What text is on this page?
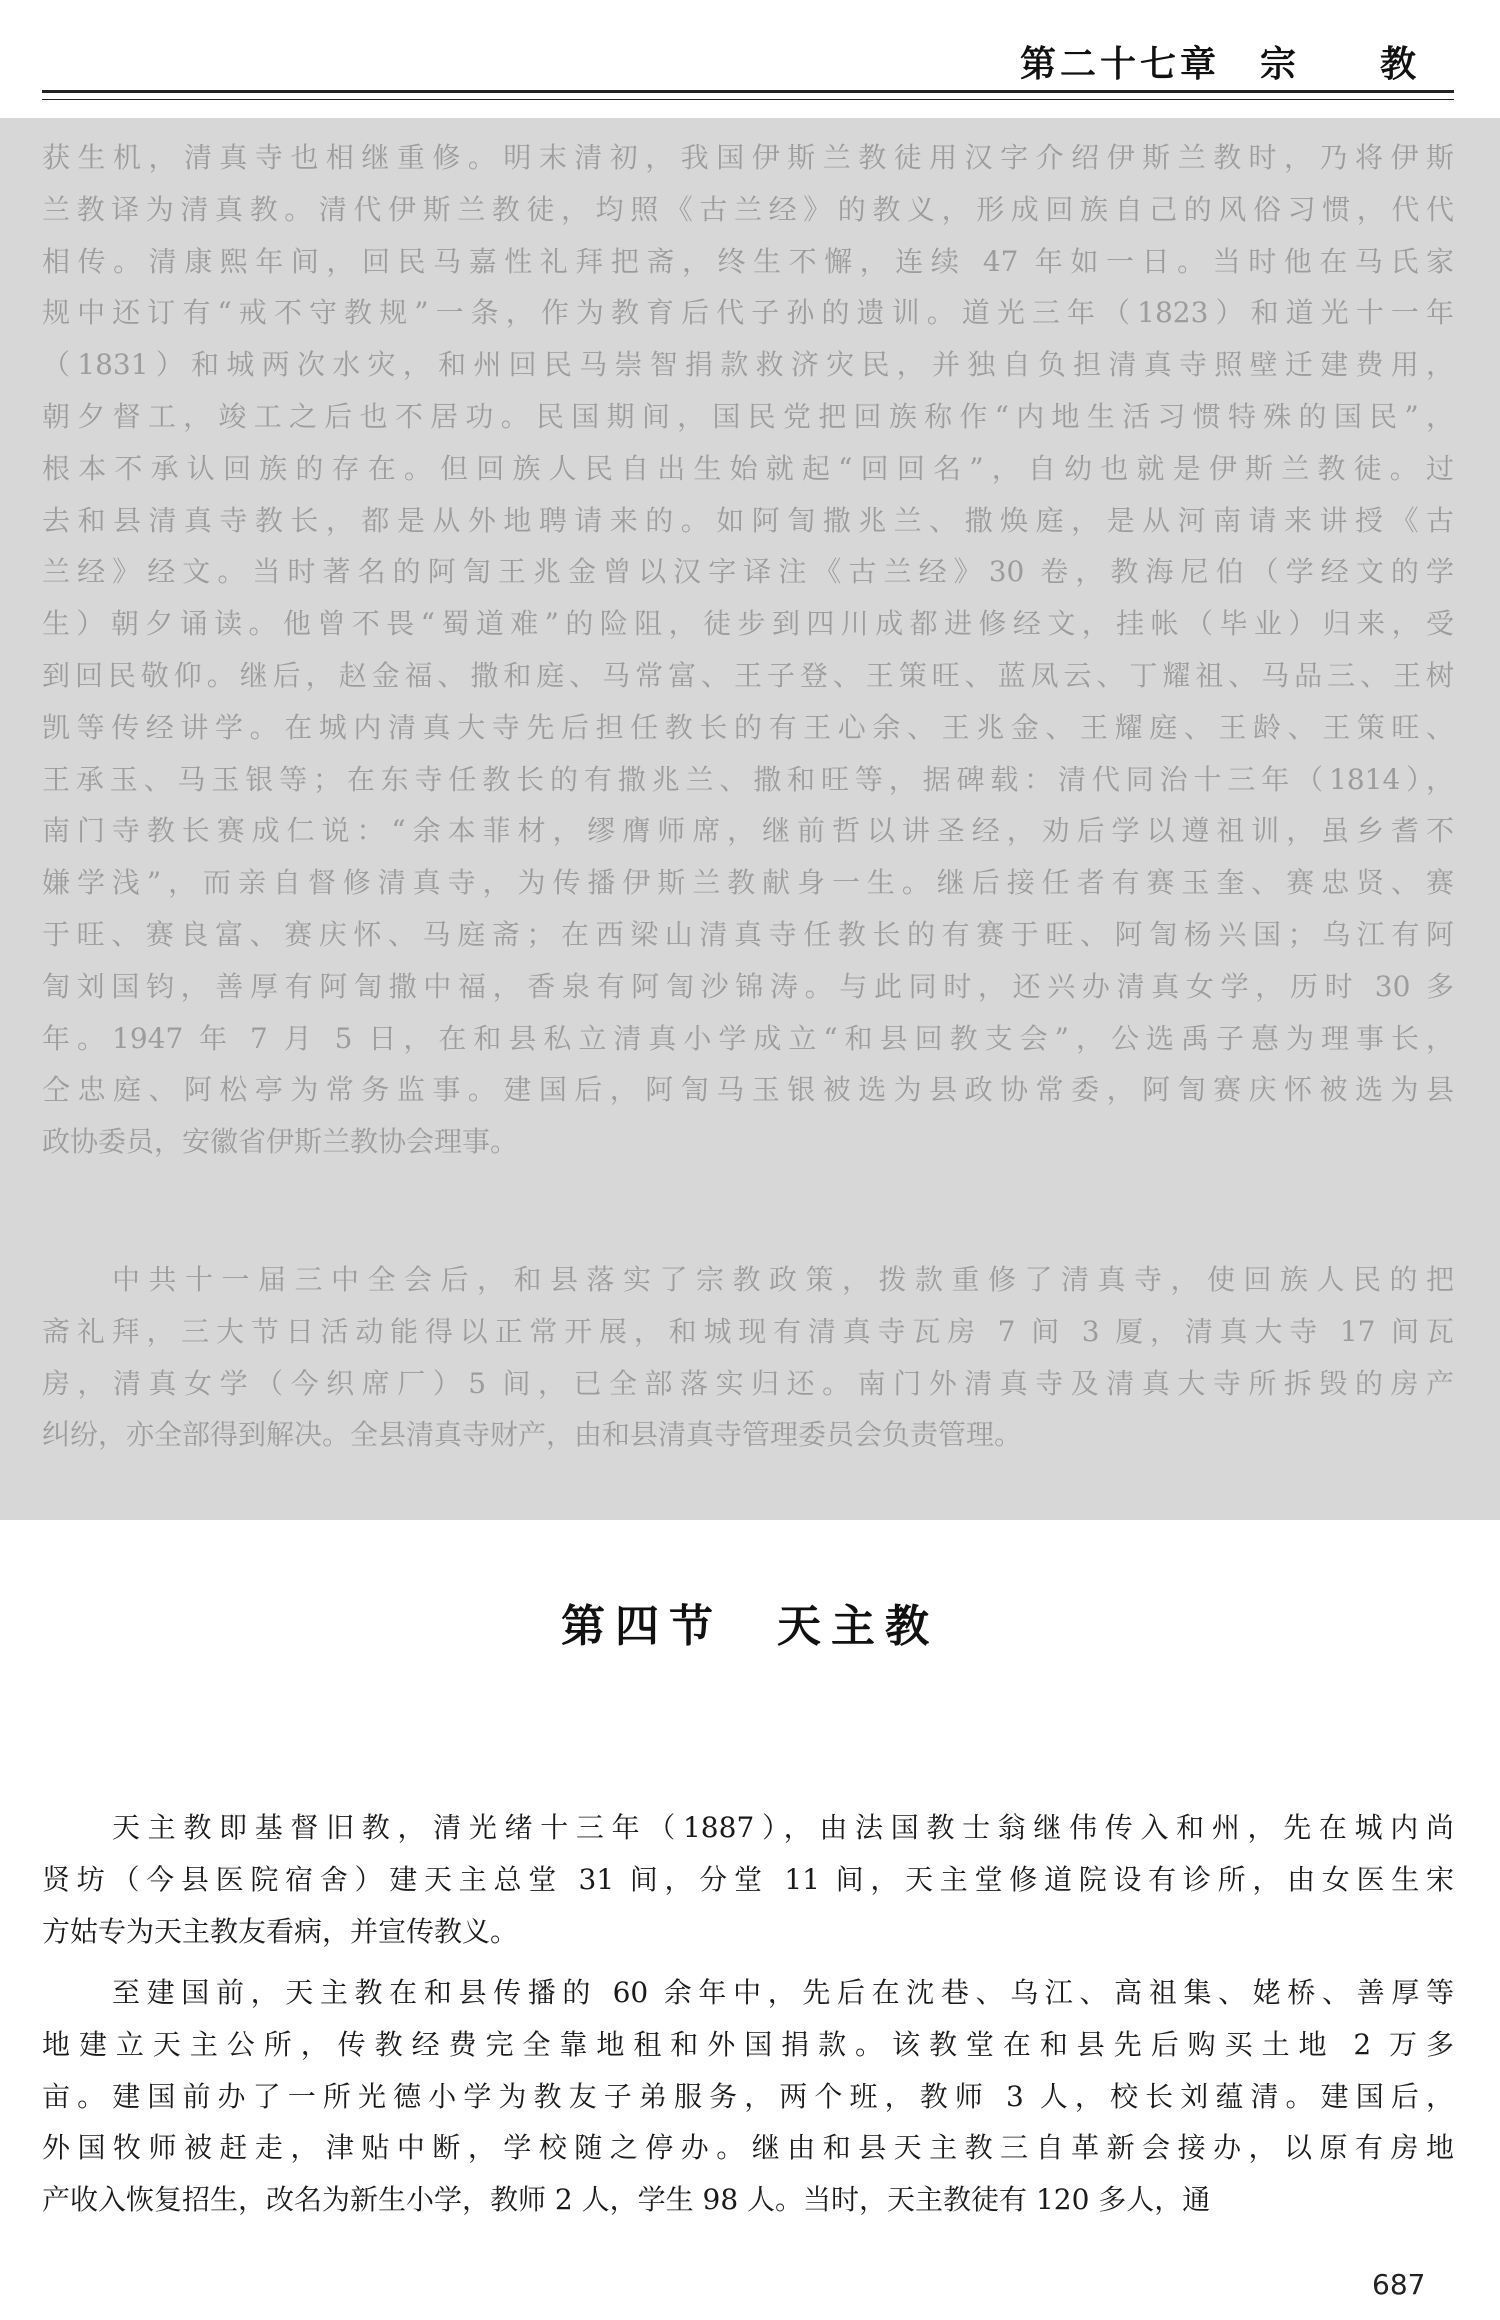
第二十七章　宗　　教
获生机，清真寺也相继重修。明末清初，我国伊斯兰教徒用汉字介绍伊斯兰教时，乃将伊斯
兰教译为清真教。清代伊斯兰教徒，均照《古兰经》的教义，形成回族自己的风俗习惯，代代
相传。清康熙年间，回民马嘉性礼拜把斋，终生不懈，连续 47 年如一日。当时他在马氏家
规中还订有“戒不守教规”一条，作为教育后代子孙的遗训。道光三年（1823）和道光十一年
（1831）和城两次水灾，和州回民马崇智捐款救济灾民，并独自负担清真寺照壁迁建费用，
朝夕督工，竣工之后也不居功。民国期间，国民党把回族称作“内地生活习惯特殊的国民”，
根本不承认回族的存在。但回族人民自出生始就起“回回名”，自幼也就是伊斯兰教徒。过
去和县清真寺教长，都是从外地聘请来的。如阿訇撒兆兰、撒焕庭，是从河南请来讲授《古
兰经》经文。当时著名的阿訇王兆金曾以汉字译注《古兰经》30 卷，教海尼伯（学经文的学
生）朝夕诵读。他曾不畏“蜀道难”的险阻，徒步到四川成都进修经文，挂帐（毕业）归来，受
到回民敬仰。继后，赵金福、撒和庭、马常富、王子登、王策旺、蓝凤云、丁耀祖、马品三、王树
凯等传经讲学。在城内清真大寺先后担任教长的有王心余、王兆金、王耀庭、王龄、王策旺、
王承玉、马玉银等；在东寺任教长的有撒兆兰、撒和旺等，据碑载：清代同治十三年（1814），
南门寺教长赛成仁说：“余本菲材，缪膺师席，继前哲以讲圣经，劝后学以遵祖训，虽乡耆不
嫌学浅”，而亲自督修清真寺，为传播伊斯兰教献身一生。继后接任者有赛玉奎、赛忠贤、赛
于旺、赛良富、赛庆怀、马庭斋；在西梁山清真寺任教长的有赛于旺、阿訇杨兴国；乌江有阿
訇刘国钧，善厚有阿訇撒中福，香泉有阿訇沙锦涛。与此同时，还兴办清真女学，历时 30 多
年。1947 年 7 月 5 日，在和县私立清真小学成立“和县回教支会”，公选禹子惪为理事长，
仝忠庭、阿松亭为常务监事。建国后，阿訇马玉银被选为县政协常委，阿訇赛庆怀被选为县
政协委员，安徽省伊斯兰教协会理事。
中共十一届三中全会后，和县落实了宗教政策，拨款重修了清真寺，使回族人民的把
斋礼拜，三大节日活动能得以正常开展，和城现有清真寺瓦房 7 间 3 厦，清真大寺 17 间瓦
房，清真女学（今织席厂）5 间，已全部落实归还。南门外清真寺及清真大寺所拆毁的房产
纠纷，亦全部得到解决。全县清真寺财产，由和县清真寺管理委员会负责管理。
第四节　天主教
天主教即基督旧教，清光绪十三年（1887），由法国教士翁继伟传入和州，先在城内尚
贤坊（今县医院宿舍）建天主总堂 31 间，分堂 11 间，天主堂修道院设有诊所，由女医生宋
方姑专为天主教友看病，并宣传教义。
至建国前，天主教在和县传播的 60 余年中，先后在沈巷、乌江、高祖集、姥桥、善厚等
地建立天主公所，传教经费完全靠地租和外国捐款。该教堂在和县先后购买土地 2 万多
亩。建国前办了一所光德小学为教友子弟服务，两个班，教师 3 人，校长刘蕴清。建国后，
外国牧师被赶走，津贴中断，学校随之停办。继由和县天主教三自革新会接办，以原有房地
产收入恢复招生，改名为新生小学，教师 2 人，学生 98 人。当时，天主教徒有 120 多人，通
687
